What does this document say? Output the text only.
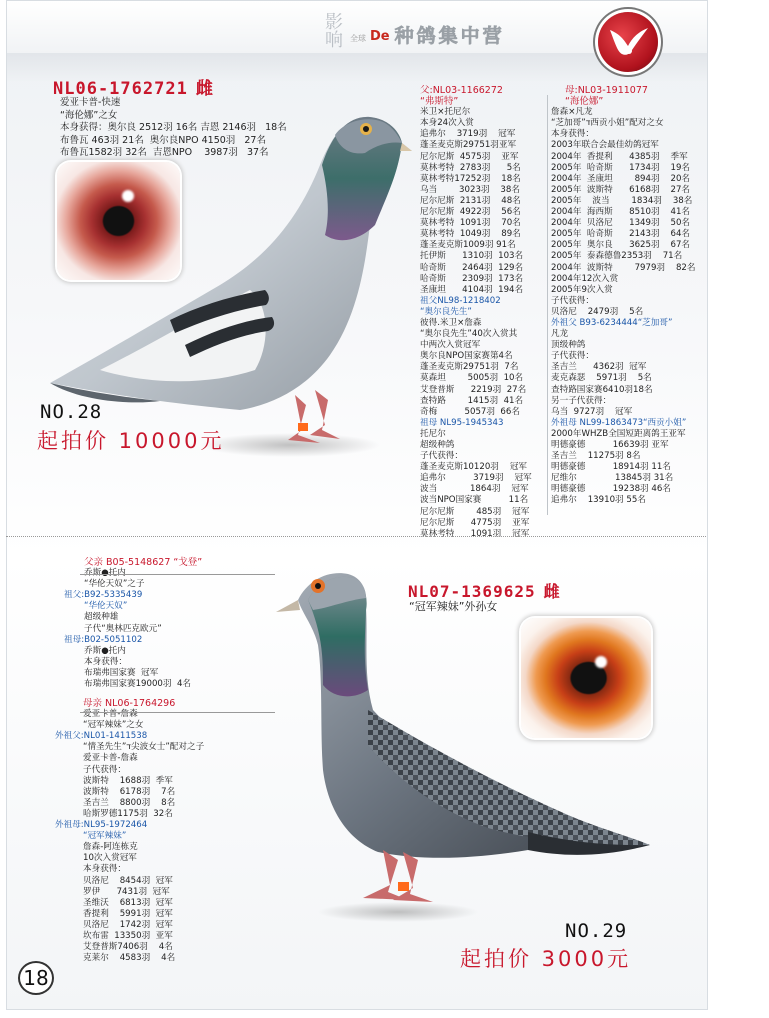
影
响 全球 De 种鸽集中营
NL06-1762721 雌
爱亚卡普-快速
“海伦娜”之女
本身获得：奥尔良 2512羽 16名 吉恩 2146羽   18名
布鲁瓦 463羽 21名  奥尔良NPO 4150羽   27名
布鲁瓦1582羽 32名  吉恩NPO    3987羽   37名
NO.28
起拍价 10000元
父:NL03-1166272
“弗斯特”
米卫×托尼尔
本身24次入赏
追弗尔    3719羽    冠军
蓬圣麦克斯29751羽亚军
尼尔尼斯  4575羽    亚军
莫林考特  2783羽      5名
莫林考特17252羽    18名
乌当        3023羽    38名
尼尔尼斯  2131羽    48名
尼尔尼斯  4922羽    56名
莫林考特  1091羽    70名
莫林考特  1049羽    89名
蓬圣麦克斯1009羽 91名
托伊斯      1310羽  103名
哈奇斯      2464羽  129名
哈奇斯      2309羽  173名
圣康坦      4104羽  194名
祖父NL98-1218402
“奥尔良先生”
彼得.米卫×詹森
“奥尔良先生”40次入赏其
中两次入赏冠军
奥尔良NPO国家赛第4名
蓬圣麦克斯29751羽  7名
莫森坦        5005羽  10名
艾登普斯      2219羽  27名
查特路        1415羽  41名
奇梅          5057羽  66名
祖母 NL95-1945343
托尼尔
超级种鸽
子代获得：
蓬圣麦克斯10120羽    冠军
追弗尔          3719羽    冠军
波当            1864羽    冠军
波当NPO国家赛          11名
尼尔尼斯        485羽    冠军
尼尔尼斯      4775羽    亚军
莫林考特      1091羽    冠军
母:NL03-1911077
“海伦娜”
詹森×凡龙
“芝加哥”ד西贡小姐”配对之女
本身获得：
2003年联合会最佳幼鸽冠军
2004年  香提利      4385羽    季军
2005年  哈奇斯      1734羽    19名
2004年  圣康坦        894羽    20名
2005年  波斯特      6168羽    27名
2005年    波当        1834羽    38名
2004年  海西斯      8510羽    41名
2004年  贝洛尼      1349羽    50名
2005年  哈奇斯      2143羽    64名
2005年  奥尔良      3625羽    67名
2005年  泰森德鲁2353羽    71名
2004年  波斯特        7979羽    82名
2004年12次入赏
2005年9次入赏
子代获得：
贝洛尼    2479羽    5名
外祖父 B93-6234444“芝加哥”
凡龙
顶级种鸽
子代获得：
圣吉兰      4362羽  冠军
麦克森瑟    5971羽    5名
查特路国家赛6410羽18名
另一子代获得：
乌当  9727羽    冠军
外祖母 NL99-1863473“西贡小姐”
2000年WHZB全国短距离鸽王亚军
明德豪德          16639羽 亚军
圣吉兰    11275羽 8名
明德豪德          18914羽 11名
尼维尔              13845羽 31名
明德豪德          19238羽 46名
追弗尔    13910羽 55名
父亲 B05-5148627 “戈登”
乔斯●托内
“华伦天奴”之子
祖父:B92-5335439
“华伦天奴”
超级种雄
子代“奥林匹克欧元”
祖母:B02-5051102
乔斯●托内
本身获得：
布瑞弗国家赛  冠军
布瑞弗国家赛19000羽  4名
母亲 NL06-1764296
爱亚卡普-詹森
“冠军辣妹”之女
外祖父:NL01-1411538
“情圣先生”ד尖波女士”配对之子
爱亚卡普-詹森
子代获得：
波斯特    1688羽  季军
波斯特    6178羽    7名
圣吉兰    8800羽    8名
哈斯罗德1175羽  32名
外祖母:NL95-1972464
“冠军辣妹”
詹森-阿连栋克
10次入赏冠军
本身获得：
贝洛尼    8454羽  冠军
罗伊      7431羽  冠军
圣维沃    6813羽  冠军
香提利    5991羽  冠军
贝洛尼    1742羽  冠军
坎布雷  13350羽  亚军
艾登普斯7406羽    4名
克莱尔    4583羽    4名
NL07-1369625 雌
“冠军辣妹”外孙女
NO.29
起拍价 3000元
18
